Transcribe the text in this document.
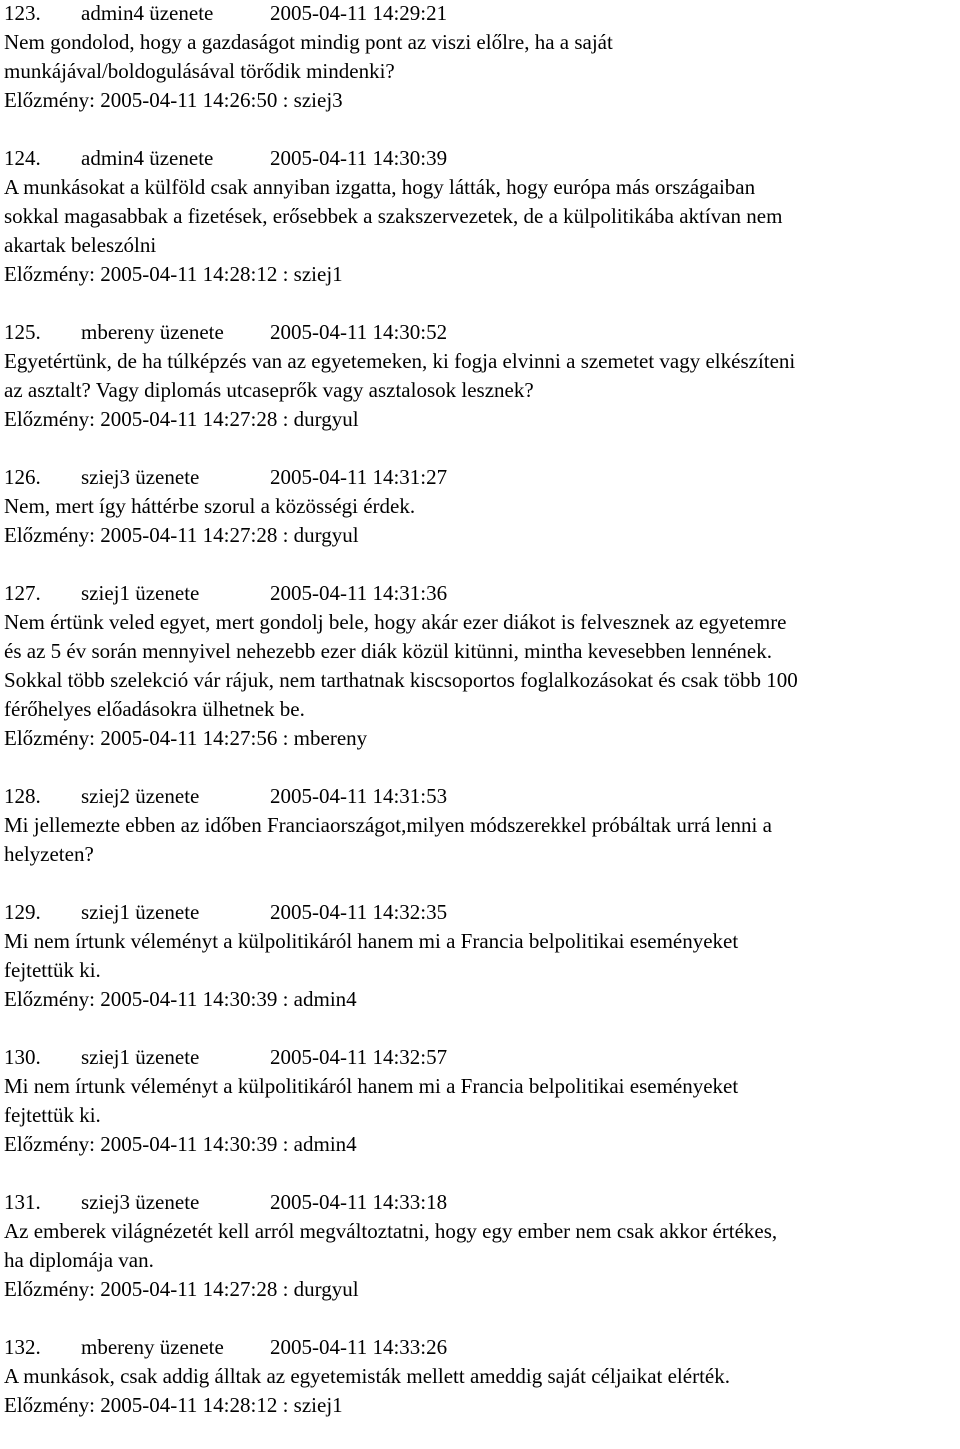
123. admin4 üzenete	2005-04-11 14:29:21
Nem gondolod, hogy a gazdaságot mindig pont az viszi előlre, ha a saját
munkájával/boldogulásával törődik mindenki?
Előzmény: 2005-04-11 14:26:50 : sziej3
124. admin4 üzenete	2005-04-11 14:30:39
A munkásokat a külföld csak annyiban izgatta, hogy látták, hogy európa más országaiban
sokkal magasabbak a fizetések, erősebbek a szakszervezetek, de a külpolitikába aktívan nem
akartak beleszólni
Előzmény: 2005-04-11 14:28:12 : sziej1
125. mbereny üzenete 2005-04-11 14:30:52
Egyetértünk, de ha túlképzés van az egyetemeken, ki fogja elvinni a szemetet vagy elkészíteni
az asztalt? Vagy diplomás utcaseprők vagy asztalosok lesznek?
Előzmény: 2005-04-11 14:27:28 : durgyul
126. sziej3 üzenete	2005-04-11 14:31:27
Nem, mert így háttérbe szorul a közösségi érdek.
Előzmény: 2005-04-11 14:27:28 : durgyul
127. sziej1 üzenete	2005-04-11 14:31:36
Nem értünk veled egyet, mert gondolj bele, hogy akár ezer diákot is felvesznek az egyetemre
és az 5 év során mennyivel nehezebb ezer diák közül kitünni, mintha kevesebben lennének.
Sokkal több szelekció vár rájuk, nem tarthatnak kiscsoportos foglalkozásokat és csak több 100
férőhelyes előadásokra ülhetnek be.
Előzmény: 2005-04-11 14:27:56 : mbereny
128. sziej2 üzenete	2005-04-11 14:31:53
Mi jellemezte ebben az időben Franciaországot,milyen módszerekkel próbáltak urrá lenni a
helyzeten?
129. sziej1 üzenete	2005-04-11 14:32:35
Mi nem írtunk véleményt a külpolitikáról hanem mi a Francia belpolitikai eseményeket
fejtettük ki.
Előzmény: 2005-04-11 14:30:39 : admin4
130. sziej1 üzenete	2005-04-11 14:32:57
Mi nem írtunk véleményt a külpolitikáról hanem mi a Francia belpolitikai eseményeket
fejtettük ki.
Előzmény: 2005-04-11 14:30:39 : admin4
131. sziej3 üzenete	2005-04-11 14:33:18
Az emberek világnézetét kell arról megváltoztatni, hogy egy ember nem csak akkor értékes,
ha diplomája van.
Előzmény: 2005-04-11 14:27:28 : durgyul
132. mbereny üzenete 2005-04-11 14:33:26
A munkások, csak addig álltak az egyetemisták mellett ameddig saját céljaikat elérték.
Előzmény: 2005-04-11 14:28:12 : sziej1
